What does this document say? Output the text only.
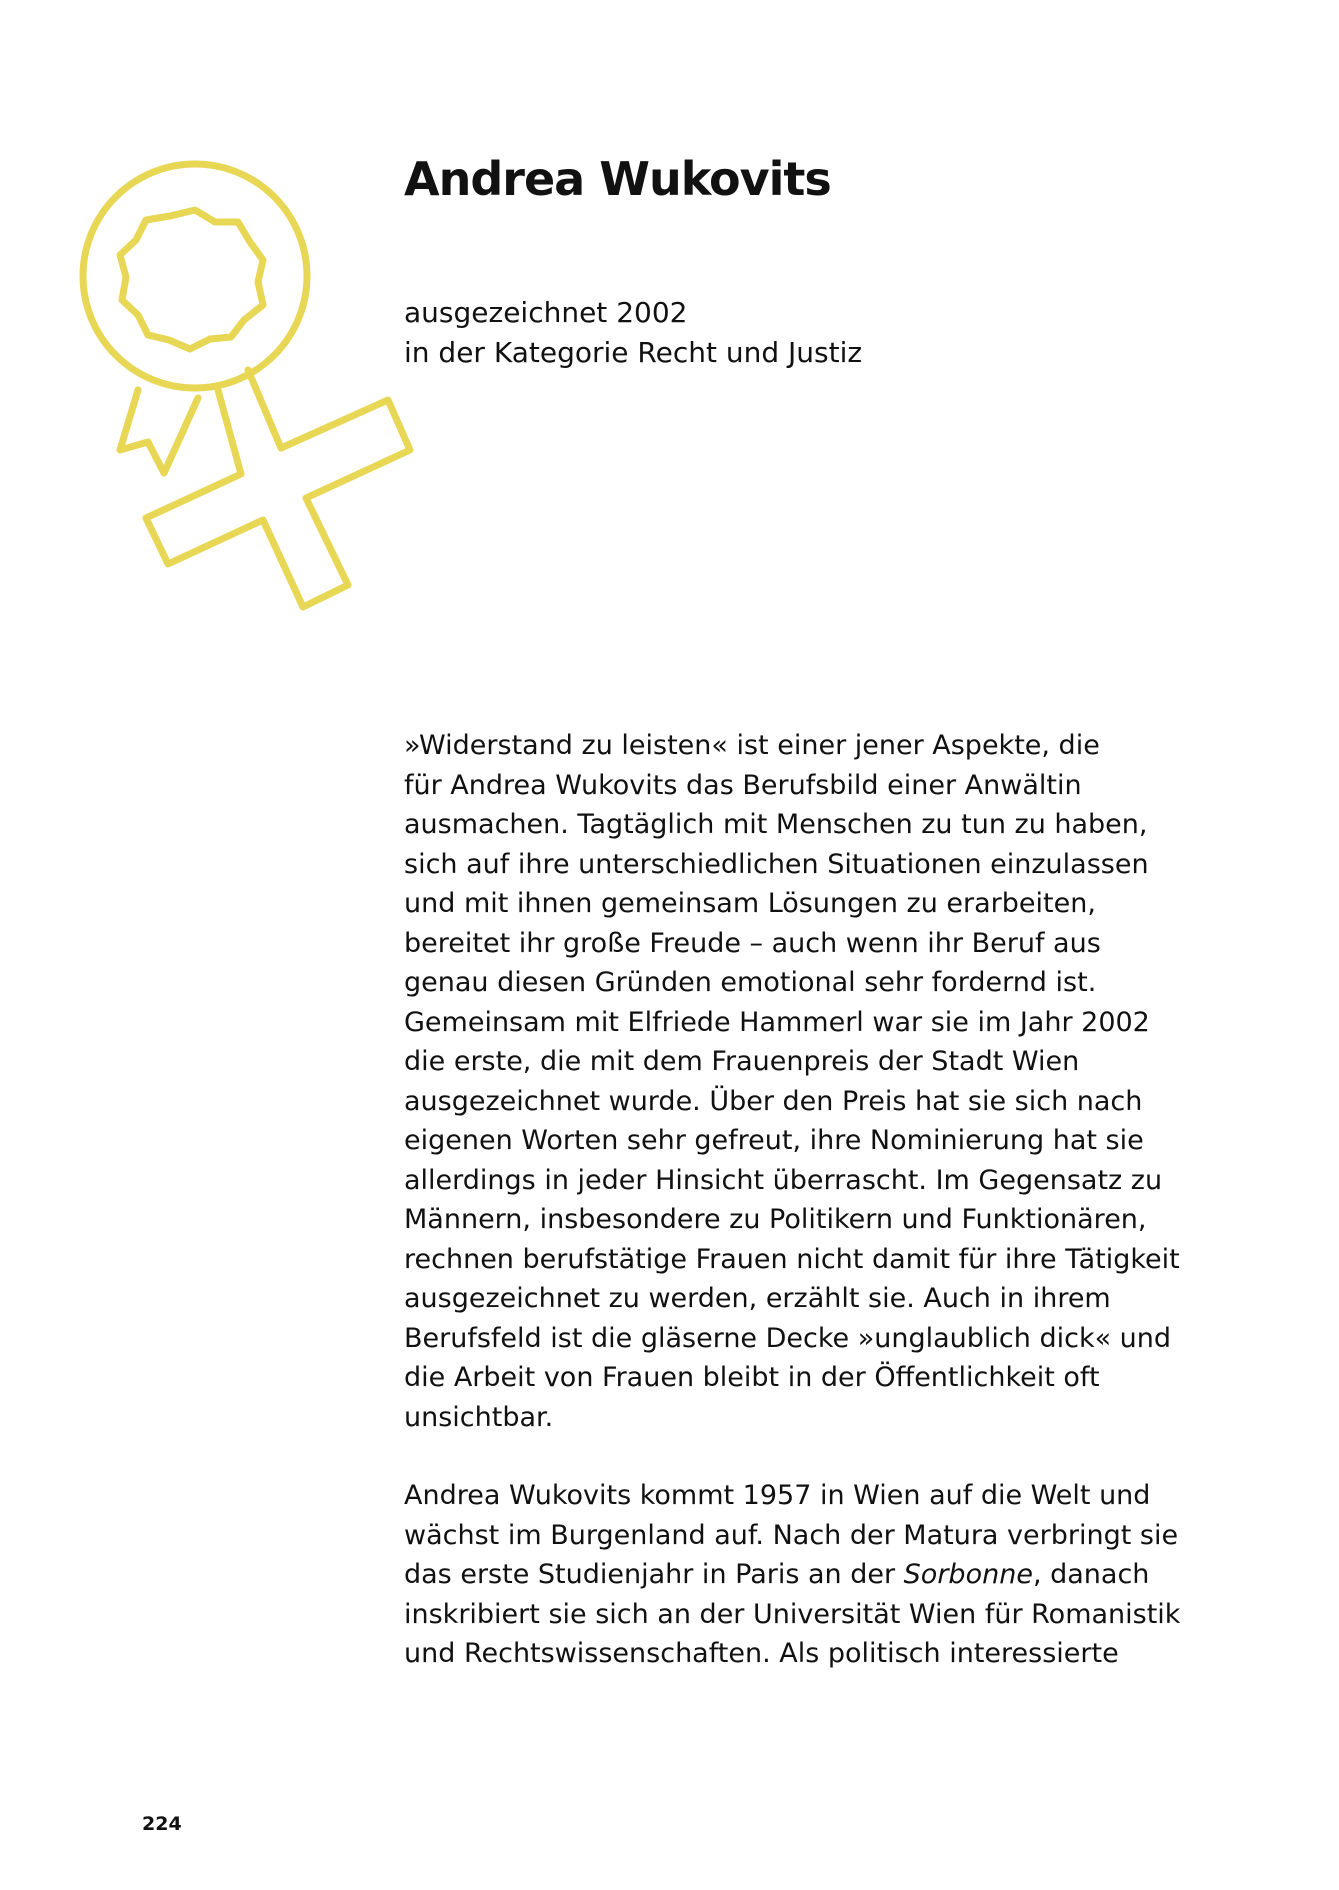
Andrea Wukovits
ausgezeichnet 2002
in der Kategorie Recht und Justiz

»Widerstand zu leisten« ist einer jener Aspekte, die
für Andrea Wukovits das Berufsbild einer Anwältin
ausmachen. Tagtäglich mit Menschen zu tun zu haben,
sich auf ihre unterschiedlichen Situationen einzulassen
und mit ihnen gemeinsam Lösungen zu erarbeiten,
bereitet ihr große Freude – auch wenn ihr Beruf aus
genau diesen Gründen emotional sehr fordernd ist.
Gemeinsam mit Elfriede Hammerl war sie im Jahr 2002
die erste, die mit dem Frauenpreis der Stadt Wien
ausgezeichnet wurde. Über den Preis hat sie sich nach
eigenen Worten sehr gefreut, ihre Nominierung hat sie
allerdings in jeder Hinsicht überrascht. Im Gegensatz zu
Männern, insbesondere zu Politikern und Funktionären,
rechnen berufstätige Frauen nicht damit für ihre Tätigkeit
ausgezeichnet zu werden, erzählt sie. Auch in ihrem
Berufsfeld ist die gläserne Decke »unglaublich dick« und
die Arbeit von Frauen bleibt in der Öffentlichkeit oft
unsichtbar.

Andrea Wukovits kommt 1957 in Wien auf die Welt und
wächst im Burgenland auf. Nach der Matura verbringt sie
das erste Studienjahr in Paris an der Sorbonne, danach
inskribiert sie sich an der Universität Wien für Romanistik
und Rechtswissenschaften. Als politisch interessierte

224
